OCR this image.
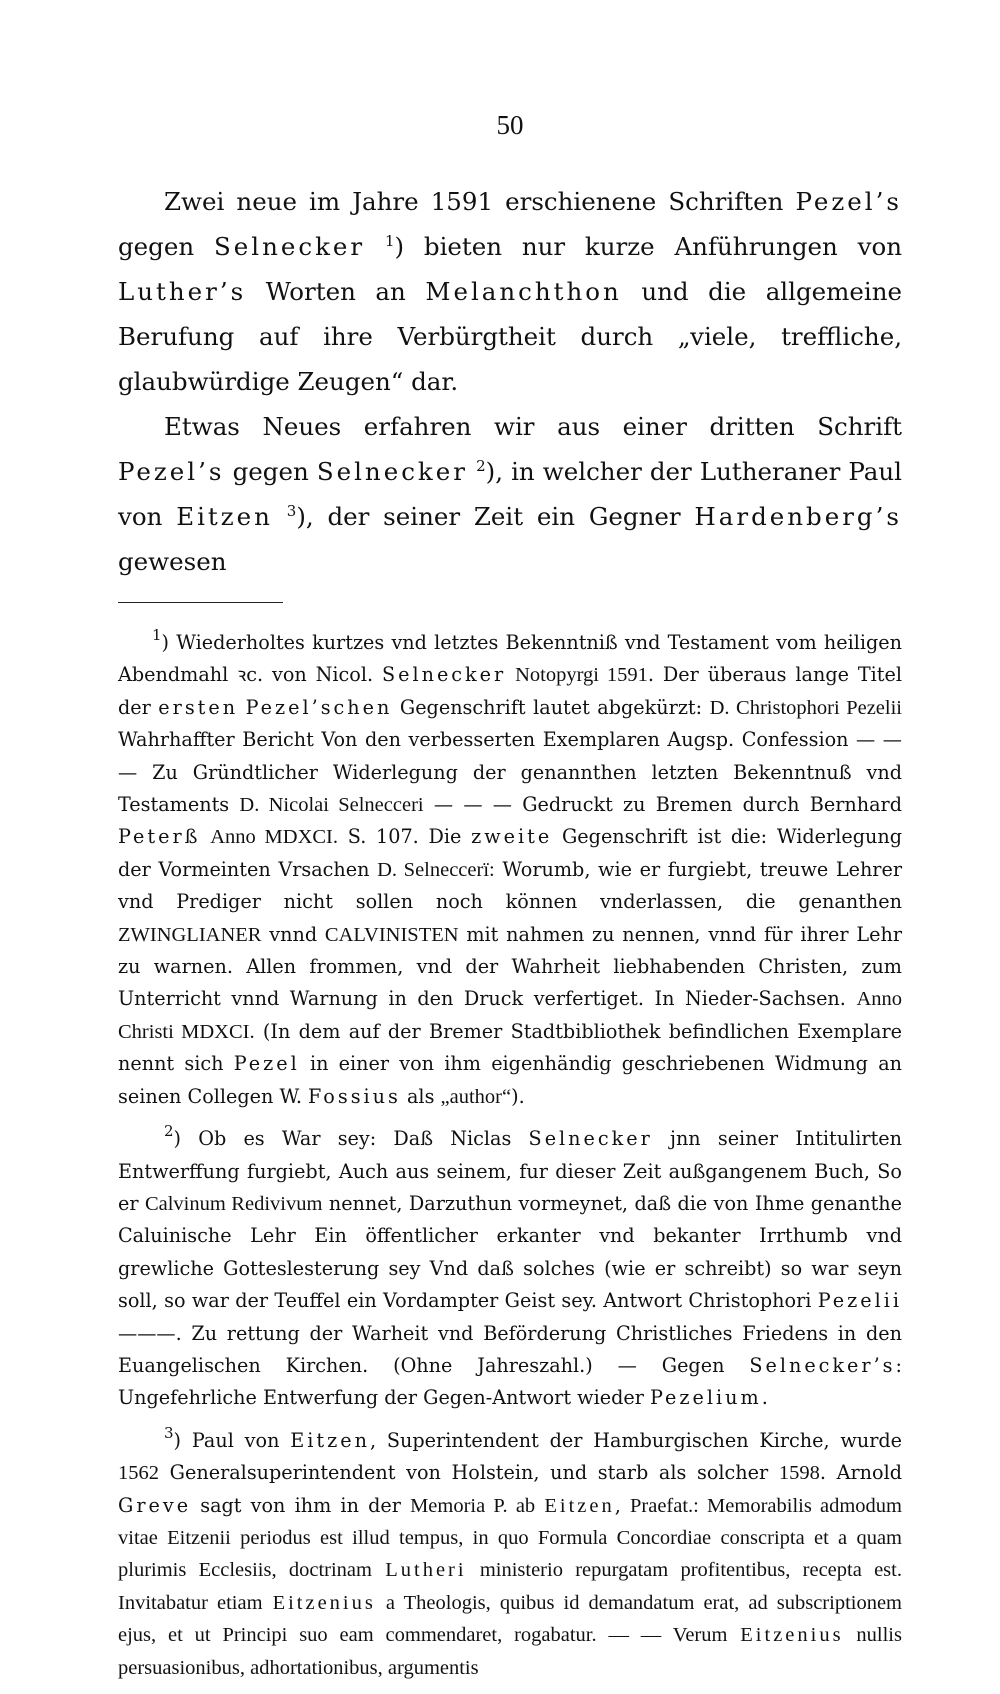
50

Zwei neue im Jahre 1591 erschienene Schriften Pezel’s gegen Selnecker $^1$) bieten nur kurze Anführungen von Luther’s Worten an Melanchthon und die allgemeine Berufung auf ihre Verbürgtheit durch „viele, treffliche, glaubwürdige Zeugen“ dar.

Etwas Neues erfahren wir aus einer dritten Schrift Pezel’s gegen Selnecker $^2$), in welcher der Lutheraner Paul von Eitzen $^3$), der seiner Zeit ein Gegner Hardenberg’s gewesen

$^1$) Wiederholtes kurtzes vnd letztes Bekenntniß vnd Testament vom heiligen Abendmahl ꝛc. von Nicol. Selnecker Notopyrgi 1591. Der überaus lange Titel der ersten Pezel’schen Gegenschrift lautet abgekürzt: D. Christophori Pezelii Wahrhaffter Bericht Von den verbesserten Exemplaren Augsp. Confession — — — Zu Gründtlicher Widerlegung der genannthen letzten Bekenntnuß vnd Testaments D. Nicolai Selnecceri — — — Gedruckt zu Bremen durch Bernhard Peterß Anno MDXCI. S. 107. Die zweite Gegenschrift ist die: Widerlegung der Vormeinten Vrsachen D. Selneccerï: Worumb, wie er furgiebt, treuwe Lehrer vnd Prediger nicht sollen noch können vnderlassen, die genanthen ZWINGLIANER vnnd CALVINISTEN mit nahmen zu nennen, vnnd für ihrer Lehr zu warnen. Allen frommen, vnd der Wahrheit liebhabenden Christen, zum Unterricht vnnd Warnung in den Druck verfertiget. In Nieder-Sachsen. Anno Christi MDXCI. (In dem auf der Bremer Stadtbibliothek befindlichen Exemplare nennt sich Pezel in einer von ihm eigenhändig geschriebenen Widmung an seinen Collegen W. Fossius als „author“).

$^2$) Ob es War sey: Daß Niclas Selnecker jnn seiner Intitulirten Entwerffung furgiebt, Auch aus seinem, fur dieser Zeit außgangenem Buch, So er Calvinum Redivivum nennet, Darzuthun vormeynet, daß die von Ihme genanthe Caluinische Lehr Ein öffentlicher erkanter vnd bekanter Irrthumb vnd grewliche Gotteslesterung sey Vnd daß solches (wie er schreibt) so war seyn soll, so war der Teuffel ein Vordampter Geist sey. Antwort Christophori Pezelii ———. Zu rettung der Warheit vnd Beförderung Christliches Friedens in den Euangelischen Kirchen. (Ohne Jahreszahl.) — Gegen Selnecker’s: Ungefehrliche Entwerfung der Gegen-Antwort wieder Pezelium.

$^3$) Paul von Eitzen, Superintendent der Hamburgischen Kirche, wurde 1562 Generalsuperintendent von Holstein, und starb als solcher 1598. Arnold Greve sagt von ihm in der Memoria P. ab Eitzen, Praefat.: Memorabilis admodum vitae Eitzenii periodus est illud tempus, in quo Formula Concordiae conscripta et a quam plurimis Ecclesiis, doctrinam Lutheri ministerio repurgatam profitentibus, recepta est. Invitabatur etiam Eitzenius a Theologis, quibus id demandatum erat, ad subscriptionem ejus, et ut Principi suo eam commendaret, rogabatur. — — Verum Eitzenius nullis persuasionibus, adhortationibus, argumentis
